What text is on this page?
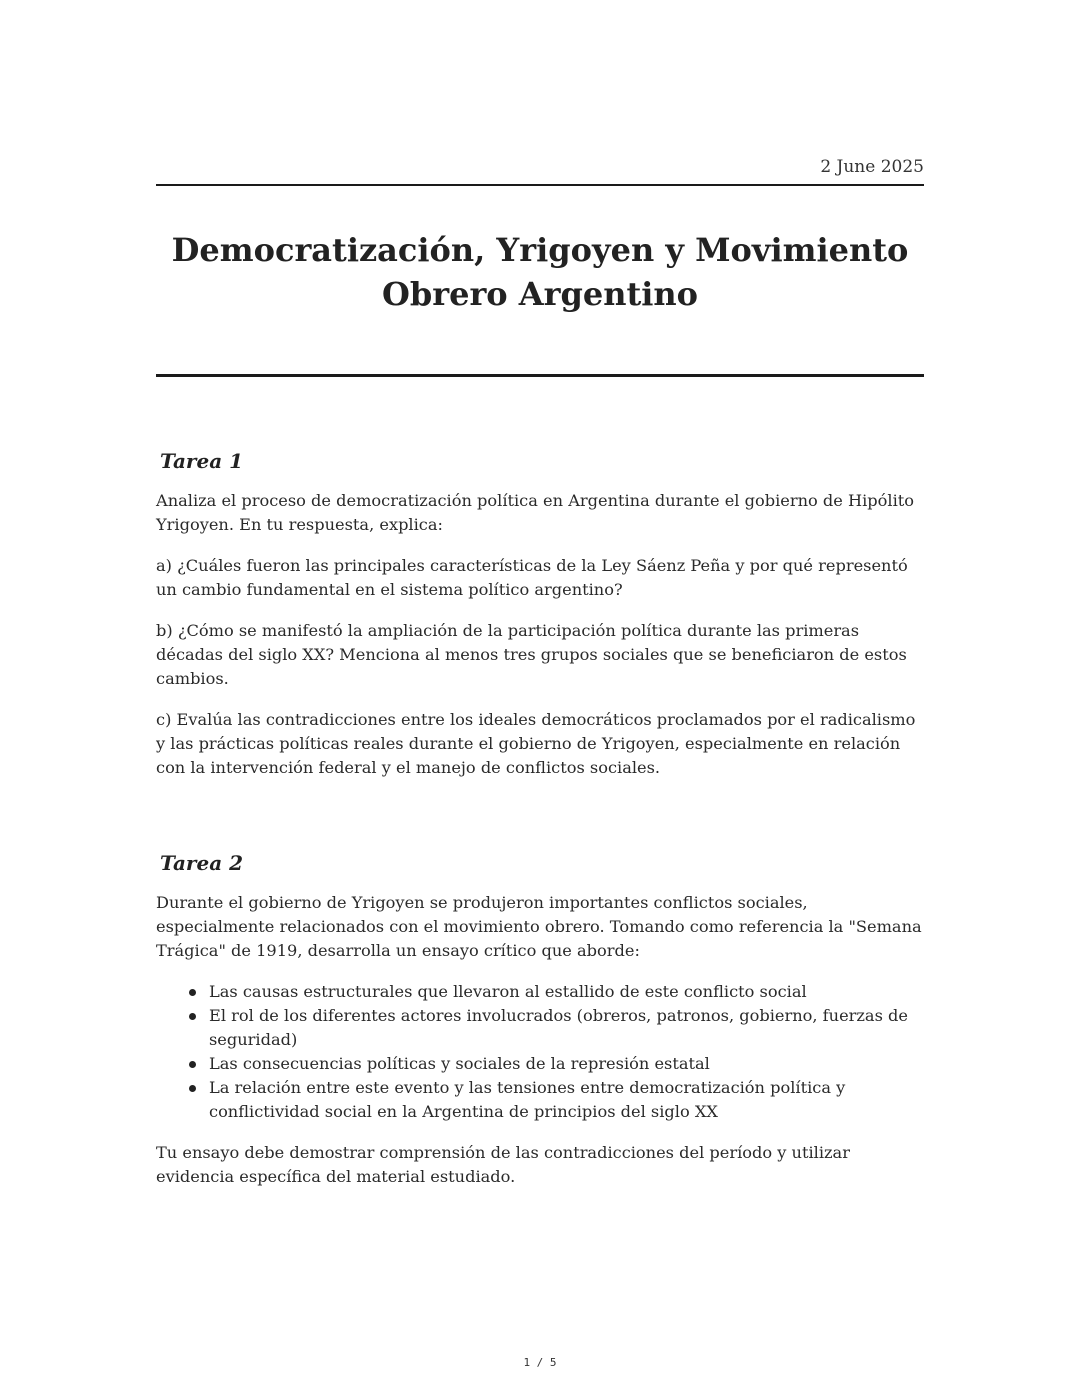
2 June 2025
Democratización, Yrigoyen y Movimiento
Obrero Argentino
Tarea 1

Analiza el proceso de democratización política en Argentina durante el gobierno de Hipólito Yrigoyen. En tu respuesta, explica:

a) ¿Cuáles fueron las principales características de la Ley Sáenz Peña y por qué representó un cambio fundamental en el sistema político argentino?

b) ¿Cómo se manifestó la ampliación de la participación política durante las primeras décadas del siglo XX? Menciona al menos tres grupos sociales que se beneficiaron de estos cambios.

c) Evalúa las contradicciones entre los ideales democráticos proclamados por el radicalismo y las prácticas políticas reales durante el gobierno de Yrigoyen, especialmente en relación con la intervención federal y el manejo de conflictos sociales.

Tarea 2

Durante el gobierno de Yrigoyen se produjeron importantes conflictos sociales, especialmente relacionados con el movimiento obrero. Tomando como referencia la "Semana Trágica" de 1919, desarrolla un ensayo crítico que aborde:

Las causas estructurales que llevaron al estallido de este conflicto social
El rol de los diferentes actores involucrados (obreros, patronos, gobierno, fuerzas de seguridad)
Las consecuencias políticas y sociales de la represión estatal
La relación entre este evento y las tensiones entre democratización política y conflictividad social en la Argentina de principios del siglo XX

Tu ensayo debe demostrar comprensión de las contradicciones del período y utilizar evidencia específica del material estudiado.

1 / 5
